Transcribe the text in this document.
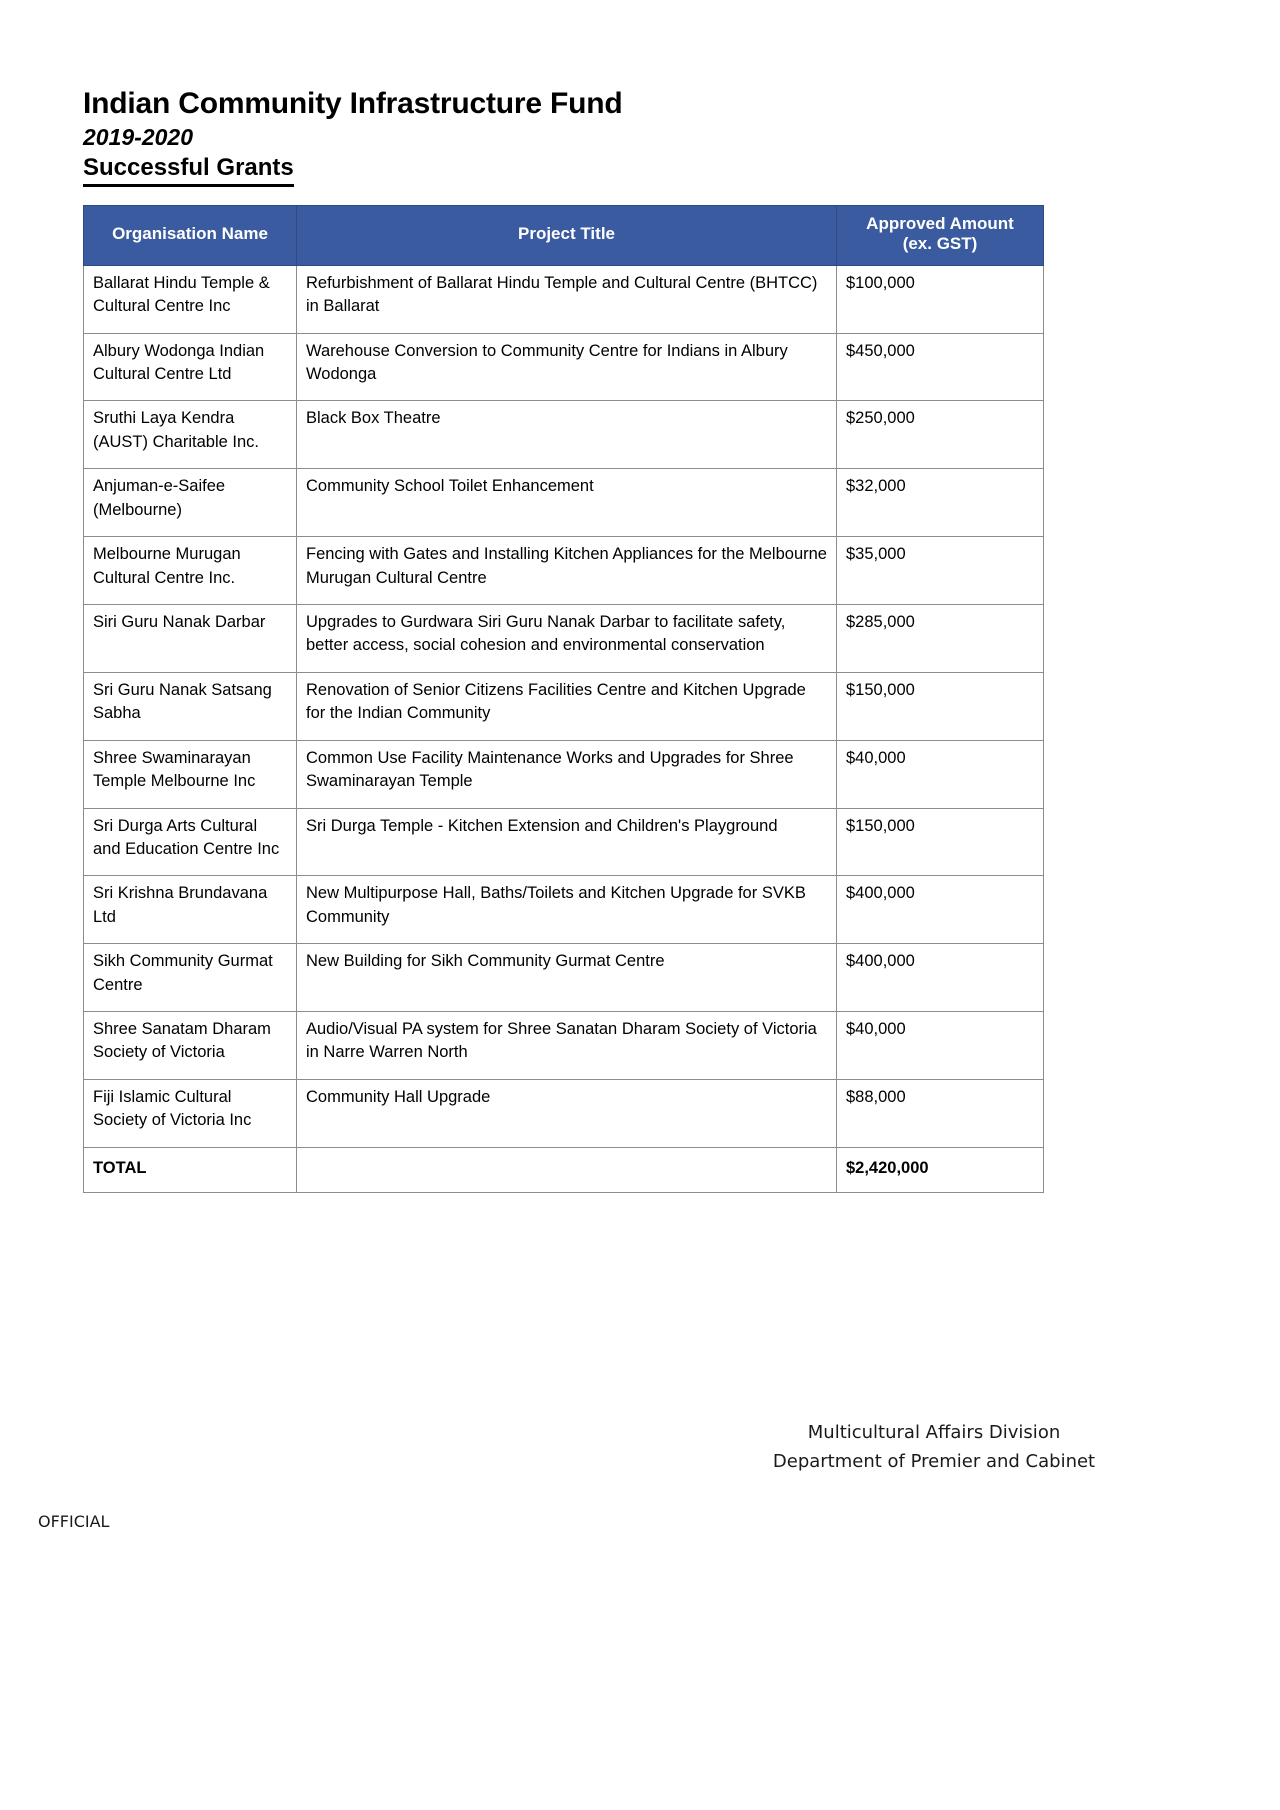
Indian Community Infrastructure Fund
2019-2020
Successful Grants
Organisation Name	Project Title	Approved Amount
(ex. GST)
Ballarat Hindu Temple & Cultural Centre Inc	Refurbishment of Ballarat Hindu Temple and Cultural Centre (BHTCC) in Ballarat	$100,000
Albury Wodonga Indian Cultural Centre Ltd	Warehouse Conversion to Community Centre for Indians in Albury Wodonga	$450,000
Sruthi Laya Kendra (AUST) Charitable Inc.	Black Box Theatre	$250,000
Anjuman-e-Saifee (Melbourne)	Community School Toilet Enhancement	$32,000
Melbourne Murugan Cultural Centre Inc.	Fencing with Gates and Installing Kitchen Appliances for the Melbourne Murugan Cultural Centre	$35,000
Siri Guru Nanak Darbar	Upgrades to Gurdwara Siri Guru Nanak Darbar to facilitate safety, better access, social cohesion and environmental conservation	$285,000
Sri Guru Nanak Satsang Sabha	Renovation of Senior Citizens Facilities Centre and Kitchen Upgrade for the Indian Community	$150,000
Shree Swaminarayan Temple Melbourne Inc	Common Use Facility Maintenance Works and Upgrades for Shree Swaminarayan Temple	$40,000
Sri Durga Arts Cultural and Education Centre Inc	Sri Durga Temple - Kitchen Extension and Children's Playground	$150,000
Sri Krishna Brundavana Ltd	New Multipurpose Hall, Baths/Toilets and Kitchen Upgrade for SVKB Community	$400,000
Sikh Community Gurmat Centre	New Building for Sikh Community Gurmat Centre	$400,000
Shree Sanatam Dharam Society of Victoria	Audio/Visual PA system for Shree Sanatan Dharam Society of Victoria in Narre Warren North	$40,000
Fiji Islamic Cultural Society of Victoria Inc	Community Hall Upgrade	$88,000
TOTAL		$2,420,000
Multicultural Affairs Division
Department of Premier and Cabinet
OFFICIAL
